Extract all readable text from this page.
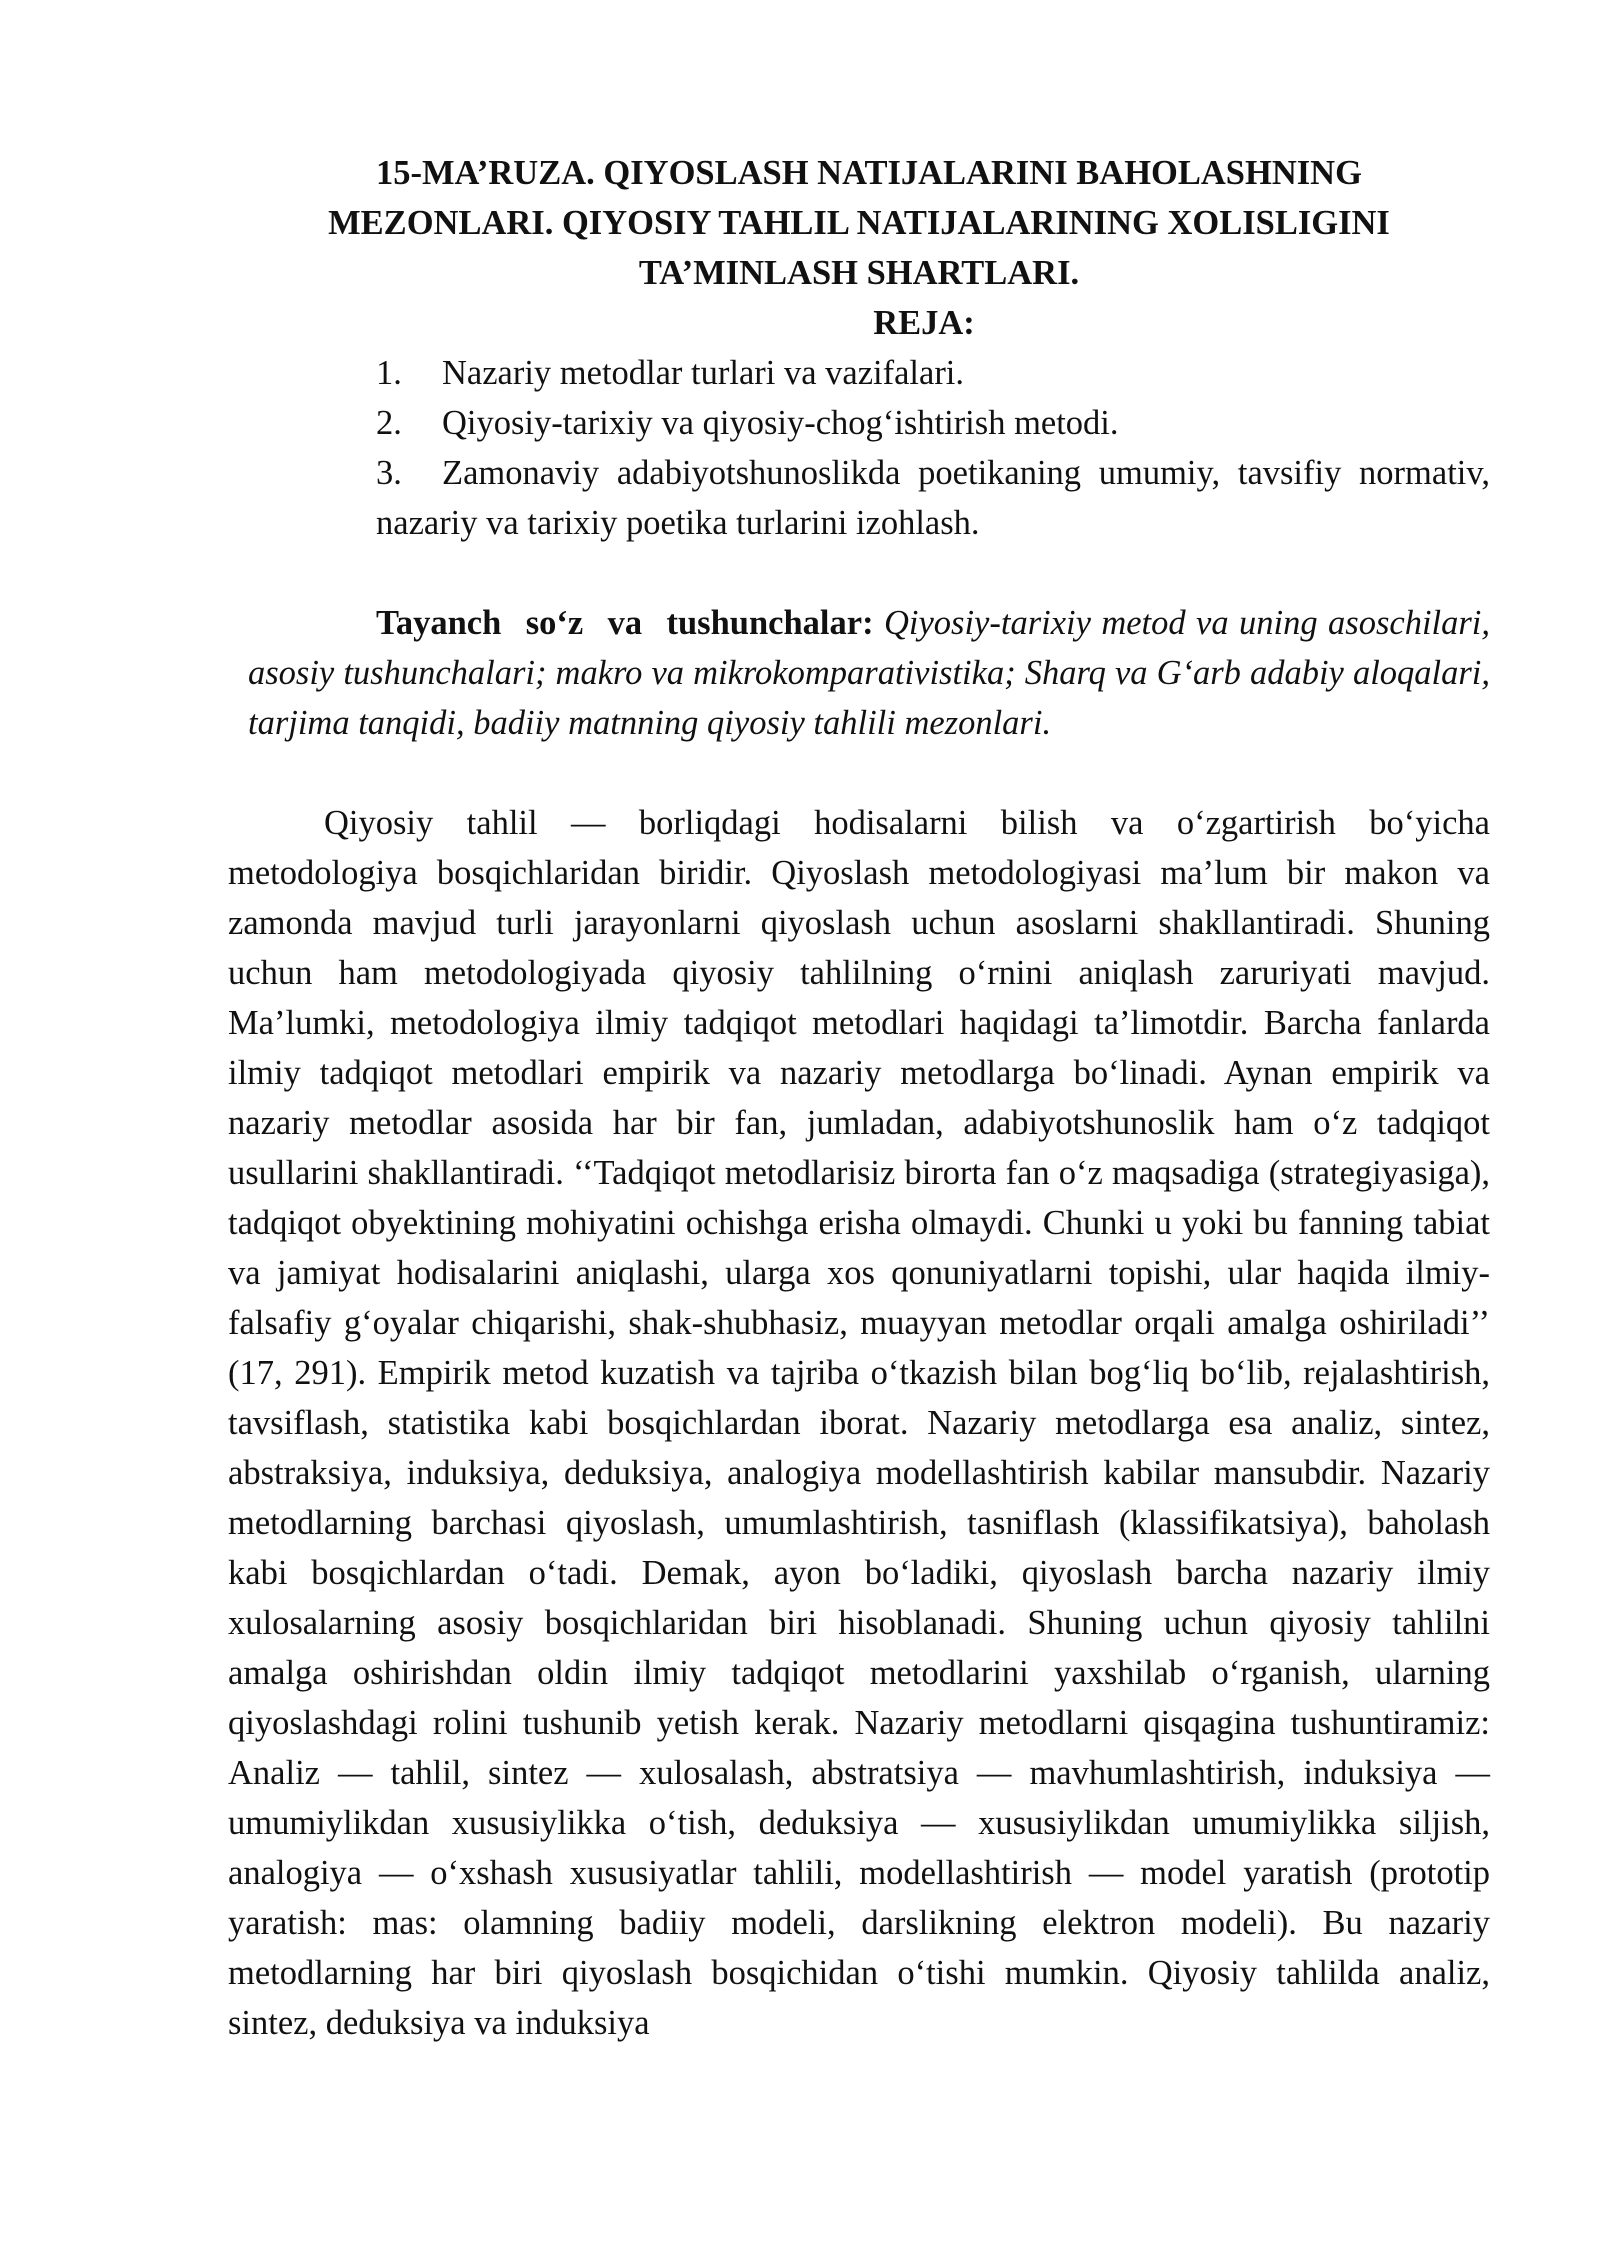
15-MA’RUZA. QIYOSLASH NATIJALARINI BAHOLASHNING
MEZONLARI. QIYOSIY TAHLIL NATIJALARINING XOLISLIGINI
TA’MINLASH SHARTLARI.

REJA:

1. Nazariy metodlar turlari va vazifalari.
2. Qiyosiy-tarixiy va qiyosiy-chog‘ishtirish metodi.
3. Zamonaviy adabiyotshunoslikda poetikaning umumiy, tavsifiy normativ, nazariy va tarixiy poetika turlarini izohlash.

Tayanch so‘z va tushunchalar: Qiyosiy-tarixiy metod va uning asoschilari, asosiy tushunchalari; makro va mikrokomparativistika; Sharq va G‘arb adabiy aloqalari, tarjima tanqidi, badiiy matnning qiyosiy tahlili mezonlari.

Qiyosiy tahlil — borliqdagi hodisalarni bilish va o‘zgartirish bo‘yicha metodologiya bosqichlaridan biridir. Qiyoslash metodologiyasi ma’lum bir makon va zamonda mavjud turli jarayonlarni qiyoslash uchun asoslarni shakllantiradi. Shuning uchun ham metodologiyada qiyosiy tahlilning o‘rnini aniqlash zaruriyati mavjud. Ma’lumki, metodologiya ilmiy tadqiqot metodlari haqidagi ta’limotdir. Barcha fanlarda ilmiy tadqiqot metodlari empirik va nazariy metodlarga bo‘linadi. Aynan empirik va nazariy metodlar asosida har bir fan, jumladan, adabiyotshunoslik ham o‘z tadqiqot usullarini shakllantiradi. ‘‘Tadqiqot metodlarisiz birorta fan o‘z maqsadiga (strategiyasiga), tadqiqot obyektining mohiyatini ochishga erisha olmaydi. Chunki u yoki bu fanning tabiat va jamiyat hodisalarini aniqlashi, ularga xos qonuniyatlarni topishi, ular haqida ilmiy-falsafiy g‘oyalar chiqarishi, shak-shubhasiz, muayyan metodlar orqali amalga oshiriladi’’ (17, 291). Empirik metod kuzatish va tajriba o‘tkazish bilan bog‘liq bo‘lib, rejalashtirish, tavsiflash, statistika kabi bosqichlardan iborat. Nazariy metodlarga esa analiz, sintez, abstraksiya, induksiya, deduksiya, analogiya modellashtirish kabilar mansubdir. Nazariy metodlarning barchasi qiyoslash, umumlashtirish, tasniflash (klassifikatsiya), baholash kabi bosqichlardan o‘tadi. Demak, ayon bo‘ladiki, qiyoslash barcha nazariy ilmiy xulosalarning asosiy bosqichlaridan biri hisoblanadi. Shuning uchun qiyosiy tahlilni amalga oshirishdan oldin ilmiy tadqiqot metodlarini yaxshilab o‘rganish, ularning qiyoslashdagi rolini tushunib yetish kerak. Nazariy metodlarni qisqagina tushuntiramiz: Analiz — tahlil, sintez — xulosalash, abstratsiya — mavhumlashtirish, induksiya — umumiylikdan xususiylikka o‘tish, deduksiya — xususiylikdan umumiylikka siljish, analogiya — o‘xshash xususiyatlar tahlili, modellashtirish — model yaratish (prototip yaratish: mas: olamning badiiy modeli, darslikning elektron modeli). Bu nazariy metodlarning har biri qiyoslash bosqichidan o‘tishi mumkin. Qiyosiy tahlilda analiz, sintez, deduksiya va induksiya
